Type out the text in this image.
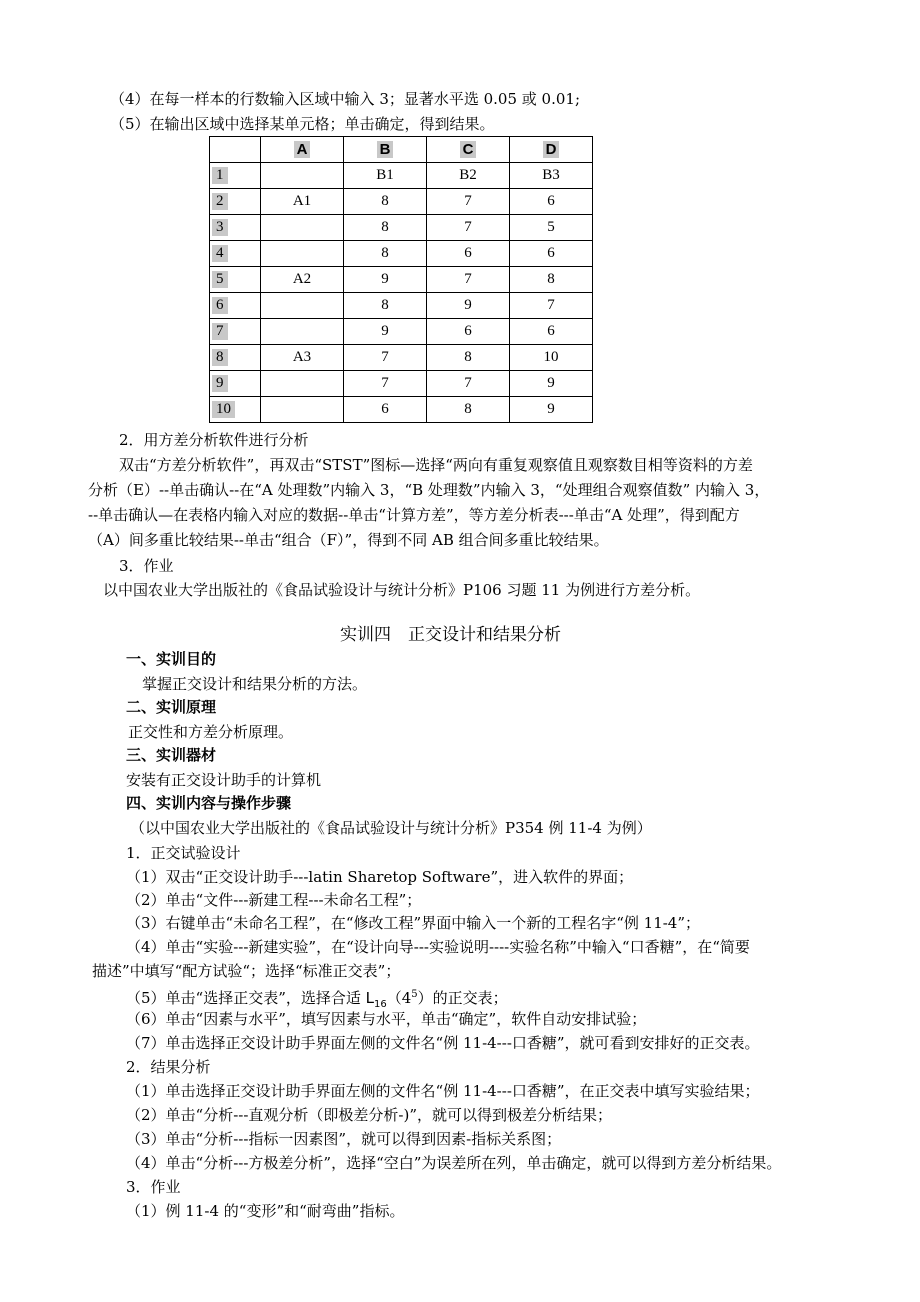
（4）在每一样本的行数输入区域中输入 3；显著水平选 0.05 或 0.01;
（5）在输出区域中选择某单元格；单击确定，得到结果。
	A	B	C	D
1		B1	B2	B3
2	A1	8	7	6
3		8	7	5
4		8	6	6
5	A2	9	7	8
6		8	9	7
7		9	6	6
8	A3	7	8	10
9		7	7	9
10		6	8	9
2．用方差分析软件进行分析
双击“方差分析软件”，再双击“STST”图标—选择“两向有重复观察值且观察数目相等资料的方差
分析（E）--单击确认--在“A 处理数”内输入 3，“B 处理数”内输入 3，“处理组合观察值数” 内输入 3，
--单击确认—在表格内输入对应的数据--单击“计算方差”，等方差分析表---单击“A 处理”，得到配方
（A）间多重比较结果--单击“组合（F）”，得到不同 AB 组合间多重比较结果。
3．作业
以中国农业大学出版社的《食品试验设计与统计分析》P106 习题 11 为例进行方差分析。
实训四　正交设计和结果分析
一、实训目的
掌握正交设计和结果分析的方法。
二、实训原理
正交性和方差分析原理。
三、实训器材
安装有正交设计助手的计算机
四、实训内容与操作步骤
（以中国农业大学出版社的《食品试验设计与统计分析》P354 例 11-4 为例）
1．正交试验设计
（1）双击“正交设计助手---latin Sharetop Software”，进入软件的界面；
（2）单击“文件---新建工程---未命名工程”；
（3）右键单击“未命名工程”，在“修改工程”界面中输入一个新的工程名字“例 11-4”；
（4）单击“实验---新建实验”，在“设计向导---实验说明----实验名称”中输入“口香糖”，在“简要
描述”中填写“配方试验“；选择“标准正交表”；
（5）单击“选择正交表”，选择合适 $L_{16}(4^5)$的正交表；
（6）单击“因素与水平”，填写因素与水平，单击“确定”，软件自动安排试验；
（7）单击选择正交设计助手界面左侧的文件名“例 11-4---口香糖”，就可看到安排好的正交表。
2．结果分析
（1）单击选择正交设计助手界面左侧的文件名“例 11-4---口香糖”，在正交表中填写实验结果；
（2）单击“分析---直观分析（即极差分析-)”，就可以得到极差分析结果；
（3）单击“分析---指标一因素图”，就可以得到因素-指标关系图；
（4）单击“分析---方极差分析”，选择“空白”为误差所在列，单击确定，就可以得到方差分析结果。
3．作业
（1）例 11-4 的“变形”和“耐弯曲”指标。
